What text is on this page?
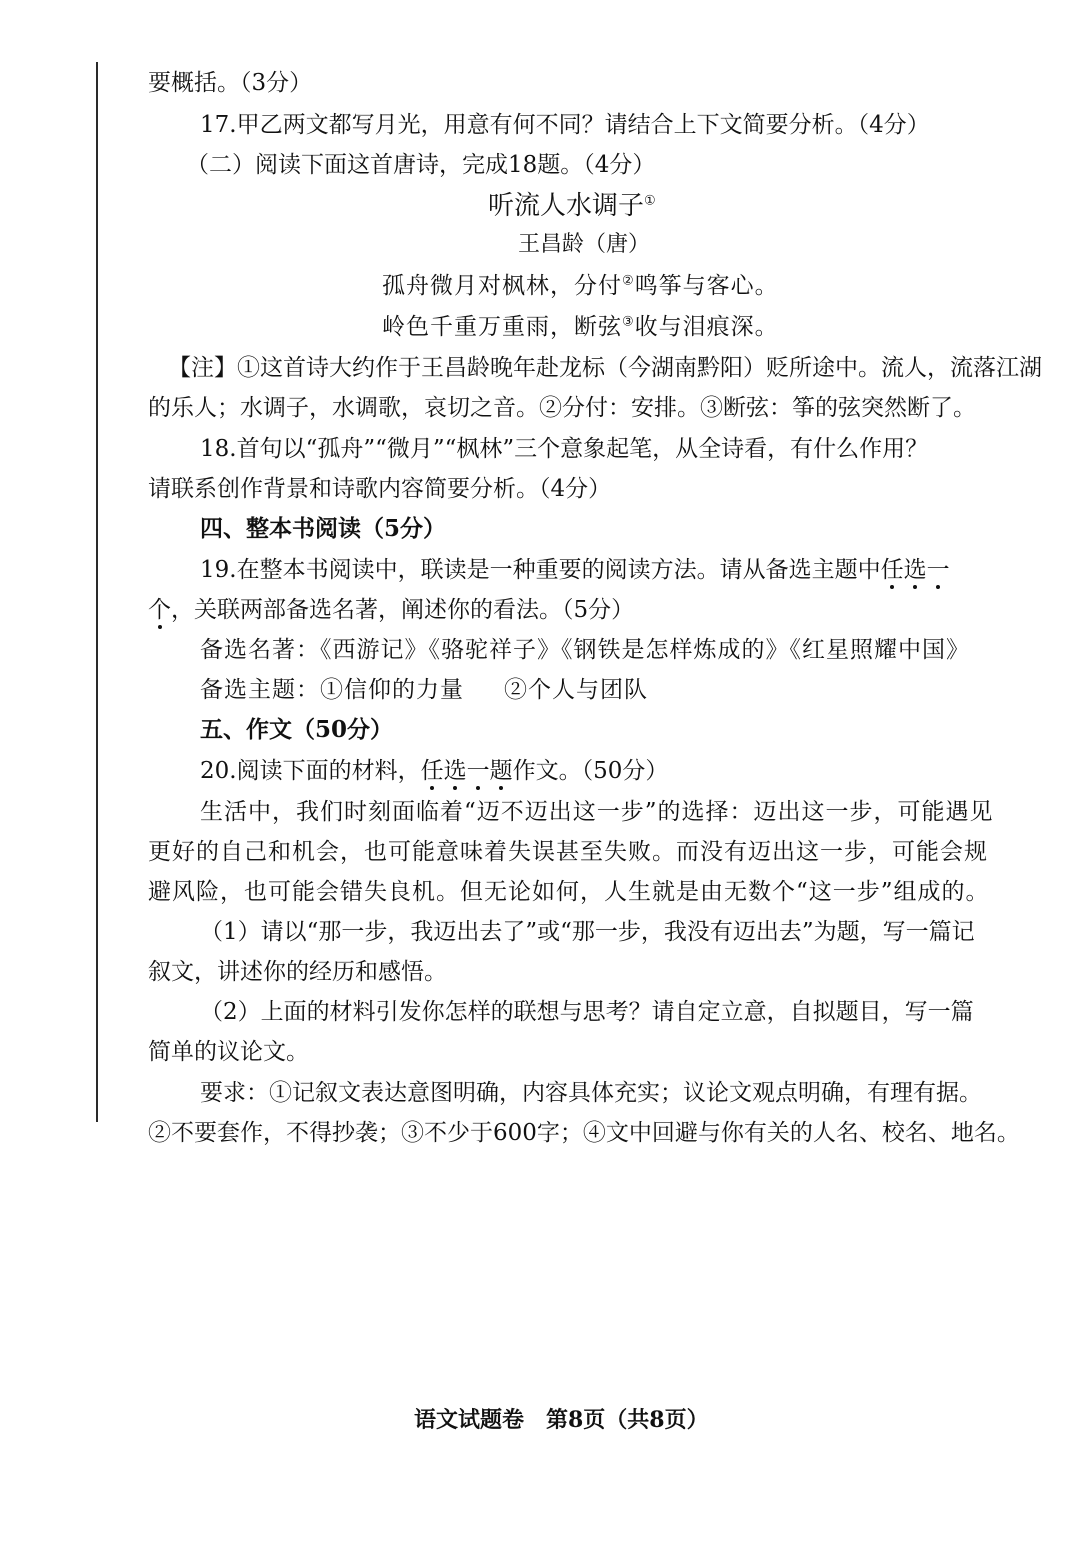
要概括。（3分）
17.甲乙两文都写月光，用意有何不同？请结合上下文简要分析。（4分）
（二）阅读下面这首唐诗，完成18题。（4分）
听流人水调子①
王昌龄（唐）
孤舟微月对枫林，分付②鸣筝与客心。
岭色千重万重雨，断弦③收与泪痕深。
【注】①这首诗大约作于王昌龄晚年赴龙标（今湖南黔阳）贬所途中。流人，流落江湖
的乐人；水调子，水调歌，哀切之音。②分付：安排。③断弦：筝的弦突然断了。
18.首句以“孤舟”“微月”“枫林”三个意象起笔，从全诗看，有什么作用？
请联系创作背景和诗歌内容简要分析。（4分）
四、整本书阅读（5分）
19.在整本书阅读中，联读是一种重要的阅读方法。请从备选主题中任选一
个，关联两部备选名著，阐述你的看法。（5分）
备选名著：《西游记》《骆驼祥子》《钢铁是怎样炼成的》《红星照耀中国》
备选主题：①信仰的力量 ②个人与团队
五、作文（50分）
20.阅读下面的材料，任选一题作文。（50分）
生活中，我们时刻面临着“迈不迈出这一步”的选择：迈出这一步，可能遇见
更好的自己和机会，也可能意味着失误甚至失败。而没有迈出这一步，可能会规
避风险，也可能会错失良机。但无论如何，人生就是由无数个“这一步”组成的。
（1）请以“那一步，我迈出去了”或“那一步，我没有迈出去”为题，写一篇记
叙文，讲述你的经历和感悟。
（2）上面的材料引发你怎样的联想与思考？请自定立意，自拟题目，写一篇
简单的议论文。
要求：①记叙文表达意图明确，内容具体充实；议论文观点明确，有理有据。
②不要套作，不得抄袭；③不少于600字；④文中回避与你有关的人名、校名、地名。
语文试题卷　第8页（共8页）
